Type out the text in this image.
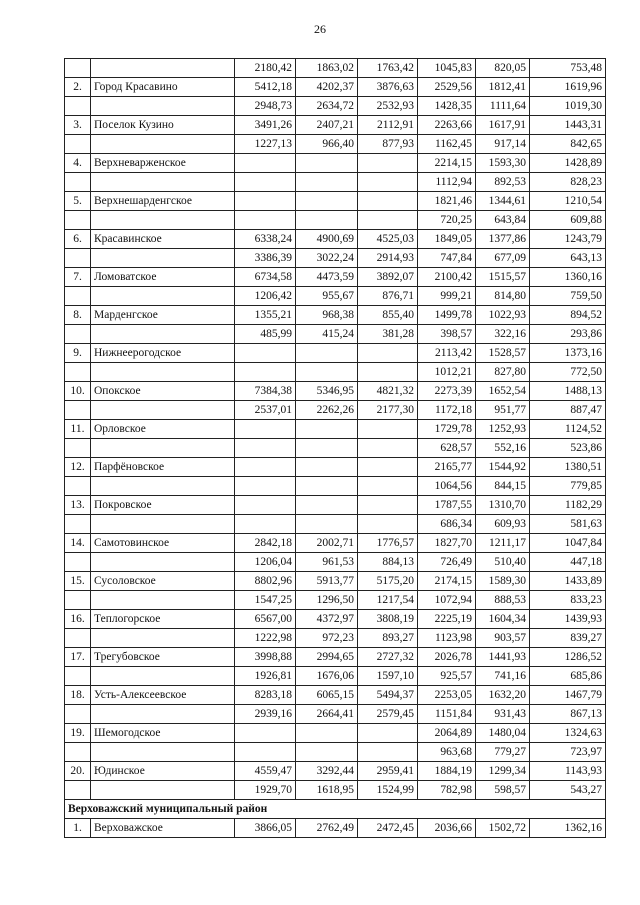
26
		2180,42	1863,02	1763,42	1045,83	820,05	753,48
2.	Город Красавино	5412,18	4202,37	3876,63	2529,56	1812,41	1619,96
		2948,73	2634,72	2532,93	1428,35	1111,64	1019,30
3.	Поселок Кузино	3491,26	2407,21	2112,91	2263,66	1617,91	1443,31
		1227,13	966,40	877,93	1162,45	917,14	842,65
4.	Верхневарженское				2214,15	1593,30	1428,89
					1112,94	892,53	828,23
5.	Верхнешарденгское				1821,46	1344,61	1210,54
					720,25	643,84	609,88
6.	Красавинское	6338,24	4900,69	4525,03	1849,05	1377,86	1243,79
		3386,39	3022,24	2914,93	747,84	677,09	643,13
7.	Ломоватское	6734,58	4473,59	3892,07	2100,42	1515,57	1360,16
		1206,42	955,67	876,71	999,21	814,80	759,50
8.	Марденгское	1355,21	968,38	855,40	1499,78	1022,93	894,52
		485,99	415,24	381,28	398,57	322,16	293,86
9.	Нижнеерогодское				2113,42	1528,57	1373,16
					1012,21	827,80	772,50
10.	Опокское	7384,38	5346,95	4821,32	2273,39	1652,54	1488,13
		2537,01	2262,26	2177,30	1172,18	951,77	887,47
11.	Орловское				1729,78	1252,93	1124,52
					628,57	552,16	523,86
12.	Парфёновское				2165,77	1544,92	1380,51
					1064,56	844,15	779,85
13.	Покровское				1787,55	1310,70	1182,29
					686,34	609,93	581,63
14.	Самотовинское	2842,18	2002,71	1776,57	1827,70	1211,17	1047,84
		1206,04	961,53	884,13	726,49	510,40	447,18
15.	Сусоловское	8802,96	5913,77	5175,20	2174,15	1589,30	1433,89
		1547,25	1296,50	1217,54	1072,94	888,53	833,23
16.	Теплогорское	6567,00	4372,97	3808,19	2225,19	1604,34	1439,93
		1222,98	972,23	893,27	1123,98	903,57	839,27
17.	Трегубовское	3998,88	2994,65	2727,32	2026,78	1441,93	1286,52
		1926,81	1676,06	1597,10	925,57	741,16	685,86
18.	Усть-Алексеевское	8283,18	6065,15	5494,37	2253,05	1632,20	1467,79
		2939,16	2664,41	2579,45	1151,84	931,43	867,13
19.	Шемогодское				2064,89	1480,04	1324,63
					963,68	779,27	723,97
20.	Юдинское	4559,47	3292,44	2959,41	1884,19	1299,34	1143,93
		1929,70	1618,95	1524,99	782,98	598,57	543,27
Верховажский муниципальный район							
1.	Верховажское	3866,05	2762,49	2472,45	2036,66	1502,72	1362,16
